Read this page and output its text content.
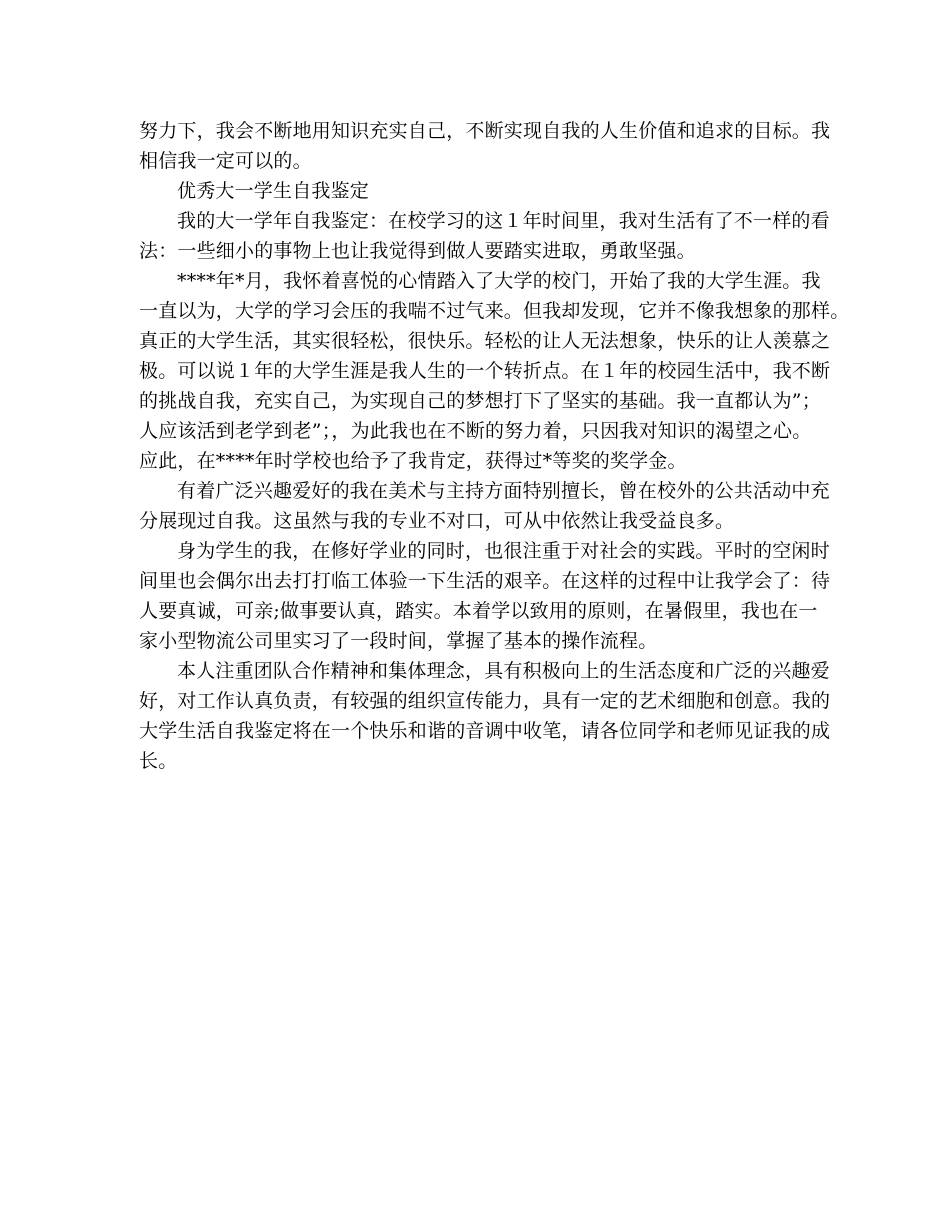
努力下，我会不断地用知识充实自己，不断实现自我的人生价值和追求的目标。我
相信我一定可以的。
优秀大一学生自我鉴定
我的大一学年自我鉴定：在校学习的这１年时间里，我对生活有了不一样的看
法：一些细小的事物上也让我觉得到做人要踏实进取，勇敢坚强。
****年*月，我怀着喜悦的心情踏入了大学的校门，开始了我的大学生涯。我
一直以为，大学的学习会压的我喘不过气来。但我却发现，它并不像我想象的那样。
真正的大学生活，其实很轻松，很快乐。轻松的让人无法想象，快乐的让人羡慕之
极。可以说１年的大学生涯是我人生的一个转折点。在１年的校园生活中，我不断
的挑战自我，充实自己，为实现自己的梦想打下了坚实的基础。我一直都认为”；
人应该活到老学到老”；，为此我也在不断的努力着，只因我对知识的渴望之心。
应此，在****年时学校也给予了我肯定，获得过*等奖的奖学金。
有着广泛兴趣爱好的我在美术与主持方面特别擅长，曾在校外的公共活动中充
分展现过自我。这虽然与我的专业不对口，可从中依然让我受益良多。
身为学生的我，在修好学业的同时，也很注重于对社会的实践。平时的空闲时
间里也会偶尔出去打打临工体验一下生活的艰辛。在这样的过程中让我学会了：待
人要真诚，可亲;做事要认真，踏实。本着学以致用的原则，在暑假里，我也在一
家小型物流公司里实习了一段时间，掌握了基本的操作流程。
本人注重团队合作精神和集体理念，具有积极向上的生活态度和广泛的兴趣爱
好，对工作认真负责，有较强的组织宣传能力，具有一定的艺术细胞和创意。我的
大学生活自我鉴定将在一个快乐和谐的音调中收笔，请各位同学和老师见证我的成
长。
